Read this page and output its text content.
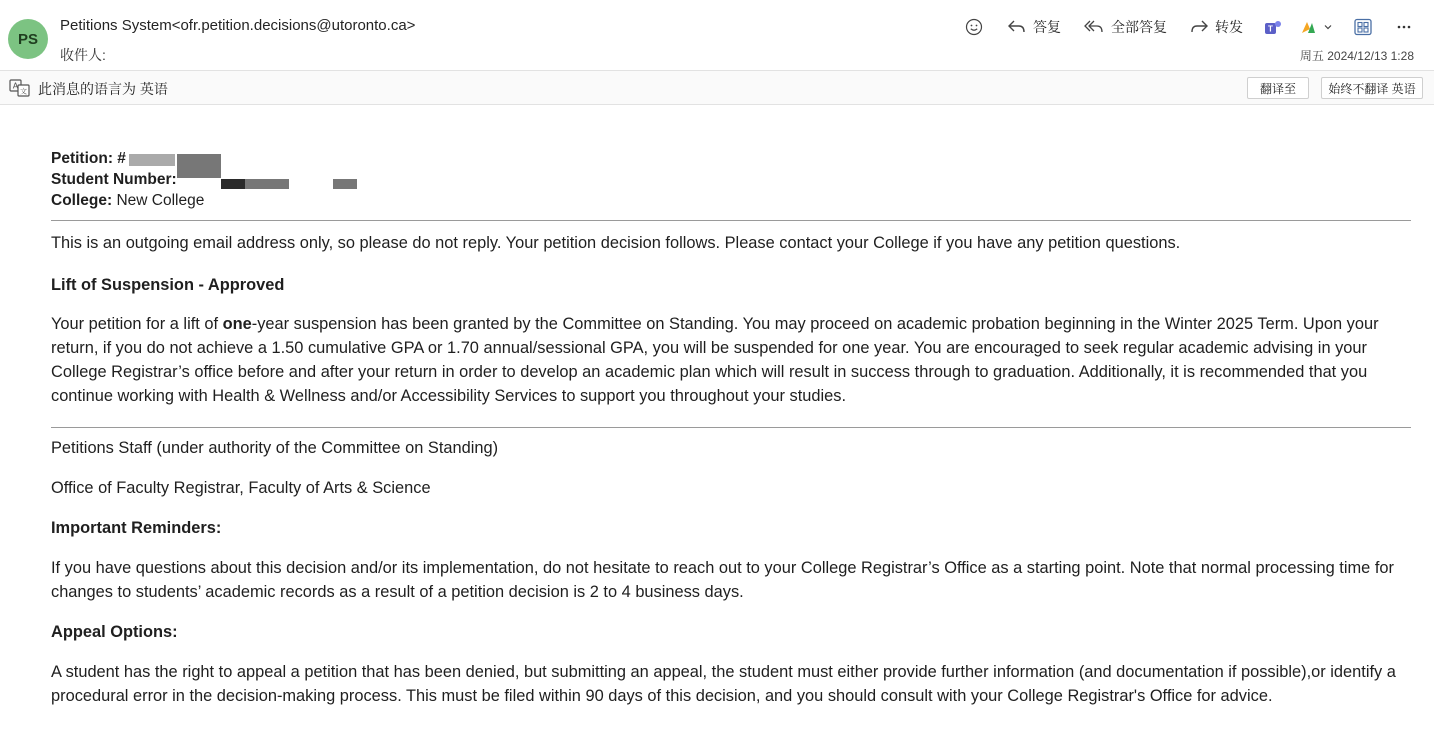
PS
Petitions System<ofr.petition.decisions@utoronto.ca>
收件人:
答复	全部答复	转发	T
周五 2024/12/13 1:28
A
文 此消息的语言为 英语	翻译至	始终不翻译 英语
Petition: #
Student Number:
College: New College

This is an outgoing email address only, so please do not reply. Your petition decision follows. Please contact your College if you have any petition questions.

Lift of Suspension - Approved

Your petition for a lift of one-year suspension has been granted by the Committee on Standing. You may proceed on academic probation beginning in the Winter 2025 Term. Upon your return, if you do not achieve a 1.50 cumulative GPA or 1.70 annual/sessional GPA, you will be suspended for one year. You are encouraged to seek regular academic advising in your College Registrar’s office before and after your return in order to develop an academic plan which will result in success through to graduation. Additionally, it is recommended that you continue working with Health & Wellness and/or Accessibility Services to support you throughout your studies.

Petitions Staff (under authority of the Committee on Standing)

Office of Faculty Registrar, Faculty of Arts & Science

Important Reminders:

If you have questions about this decision and/or its implementation, do not hesitate to reach out to your College Registrar’s Office as a starting point. Note that normal processing time for changes to students’ academic records as a result of a petition decision is 2 to 4 business days.

Appeal Options:

A student has the right to appeal a petition that has been denied, but submitting an appeal, the student must either provide further information (and documentation if possible),or identify a procedural error in the decision-making process. This must be filed within 90 days of this decision, and you should consult with your College Registrar's Office for advice.
